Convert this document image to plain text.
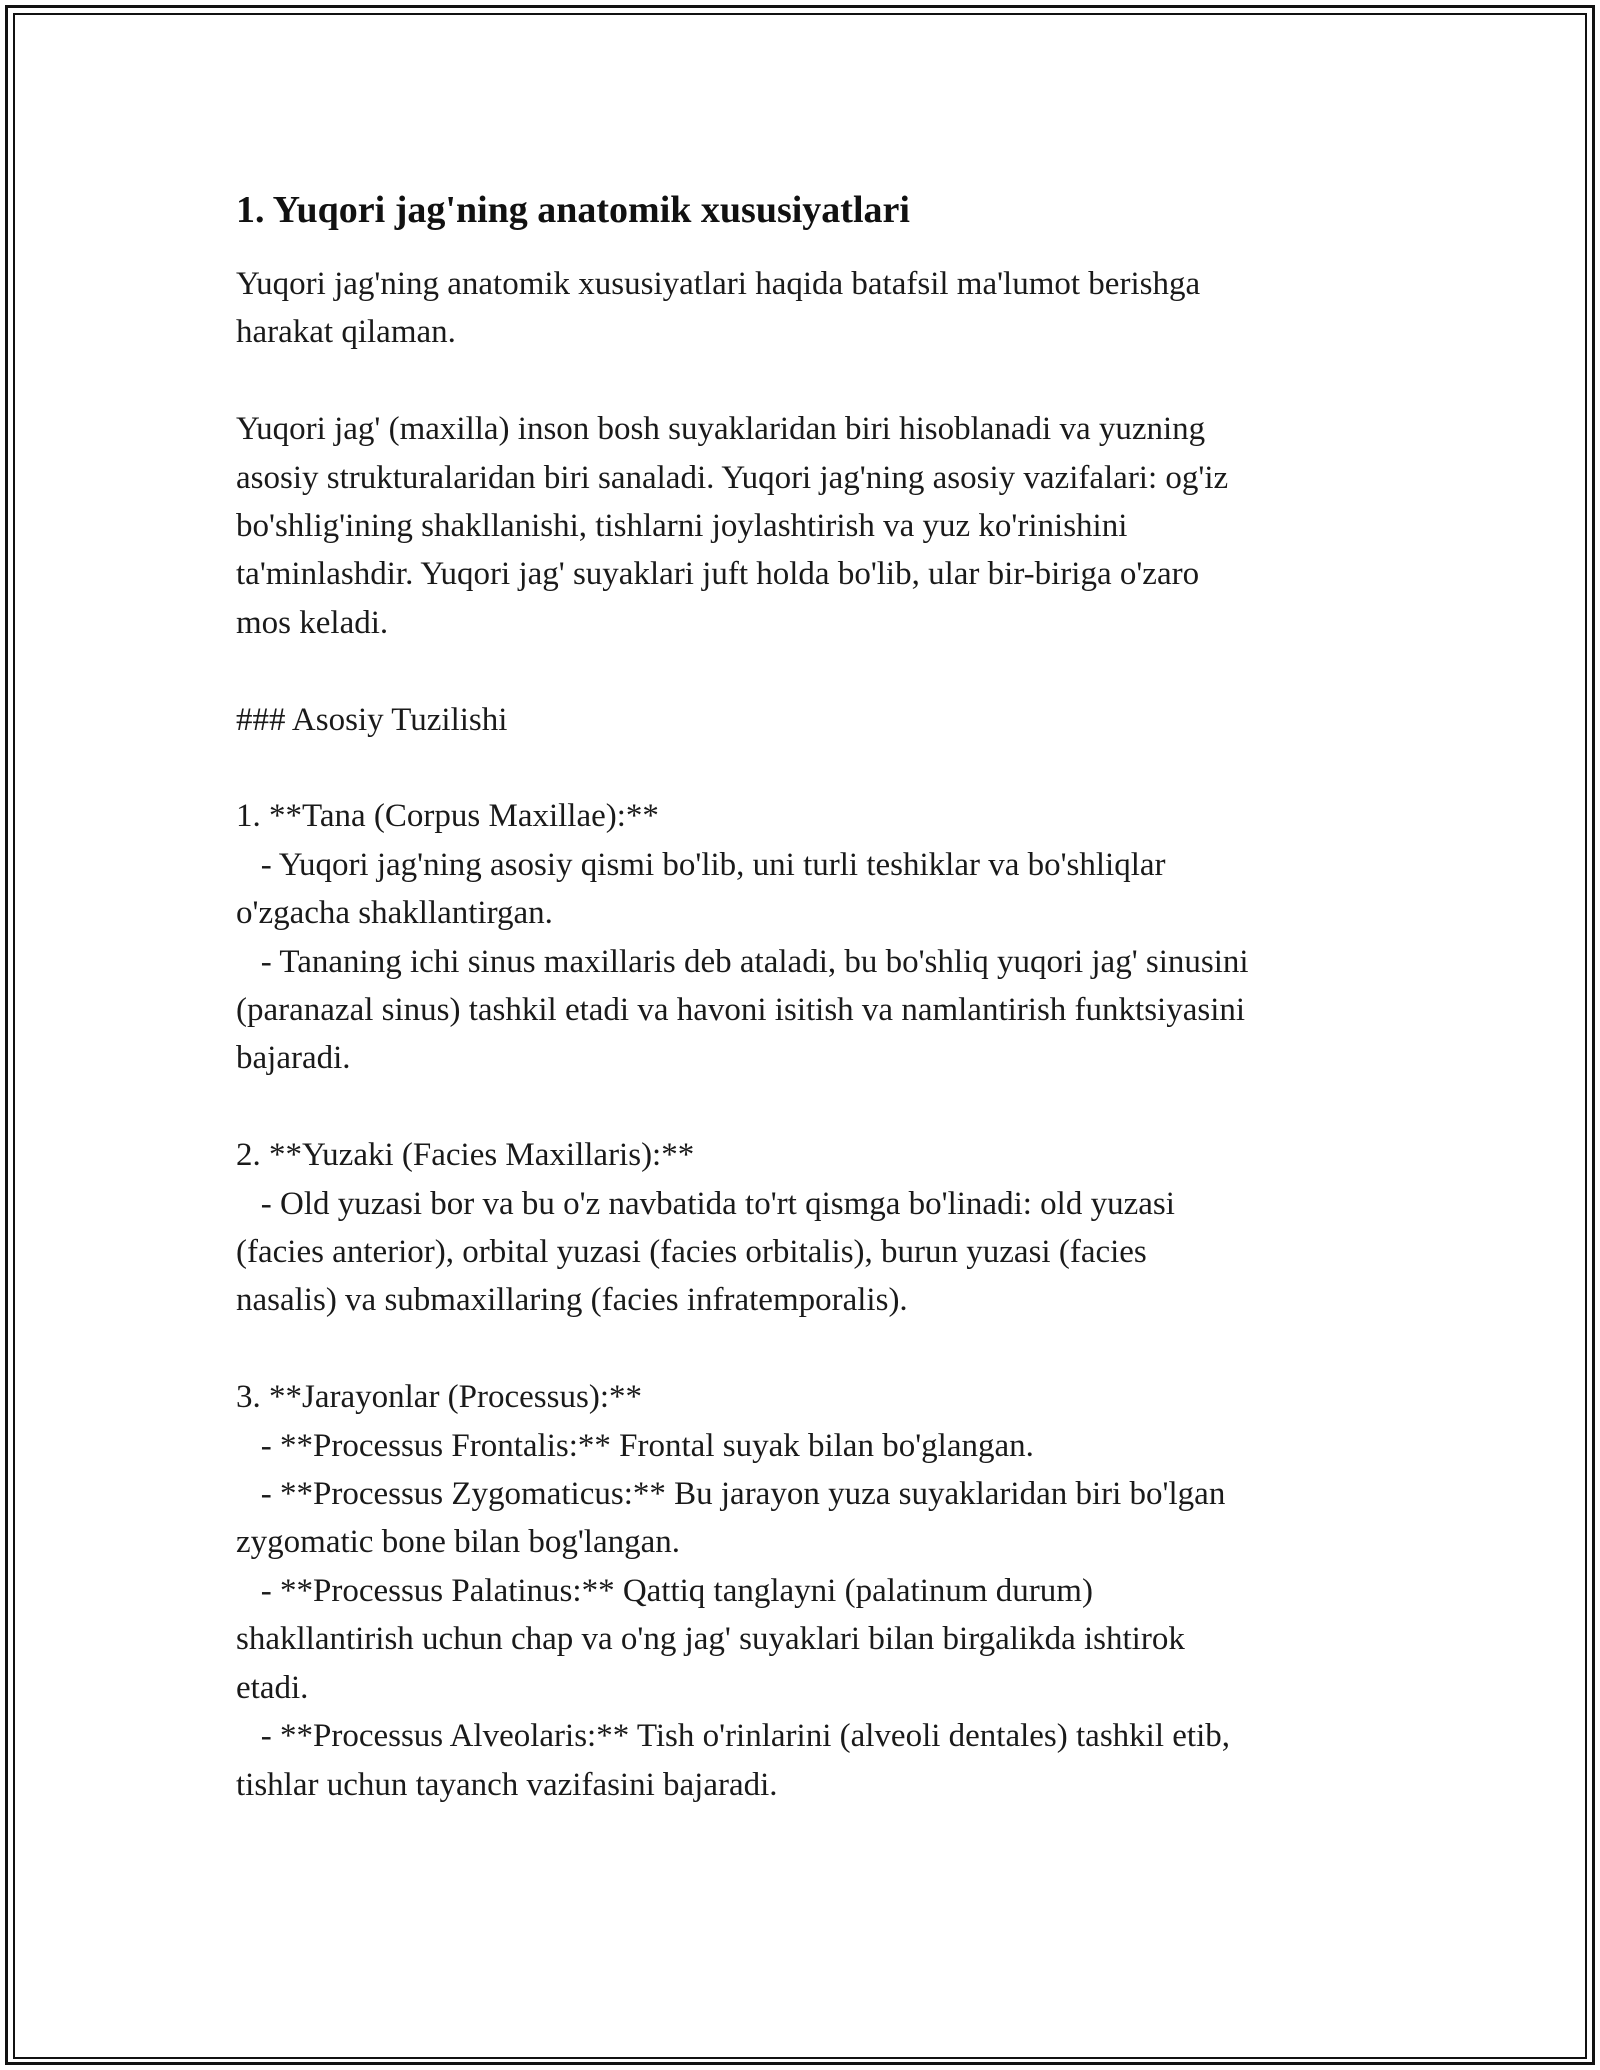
1. Yuqori jag'ning anatomik xususiyatlari

Yuqori jag'ning anatomik xususiyatlari haqida batafsil ma'lumot berishga
harakat qilaman.

Yuqori jag' (maxilla) inson bosh suyaklaridan biri hisoblanadi va yuzning
asosiy strukturalaridan biri sanaladi. Yuqori jag'ning asosiy vazifalari: og'iz
bo'shlig'ining shakllanishi, tishlarni joylashtirish va yuz ko'rinishini
ta'minlashdir. Yuqori jag' suyaklari juft holda bo'lib, ular bir-biriga o'zaro
mos keladi.

### Asosiy Tuzilishi

1. **Tana (Corpus Maxillae):**
- Yuqori jag'ning asosiy qismi bo'lib, uni turli teshiklar va bo'shliqlar
o'zgacha shakllantirgan.
- Tananing ichi sinus maxillaris deb ataladi, bu bo'shliq yuqori jag' sinusini
(paranazal sinus) tashkil etadi va havoni isitish va namlantirish funktsiyasini
bajaradi.

2. **Yuzaki (Facies Maxillaris):**
- Old yuzasi bor va bu o'z navbatida to'rt qismga bo'linadi: old yuzasi
(facies anterior), orbital yuzasi (facies orbitalis), burun yuzasi (facies
nasalis) va submaxillaring (facies infratemporalis).

3. **Jarayonlar (Processus):**
- **Processus Frontalis:** Frontal suyak bilan bo'glangan.
- **Processus Zygomaticus:** Bu jarayon yuza suyaklaridan biri bo'lgan
zygomatic bone bilan bog'langan.
- **Processus Palatinus:** Qattiq tanglayni (palatinum durum)
shakllantirish uchun chap va o'ng jag' suyaklari bilan birgalikda ishtirok
etadi.
- **Processus Alveolaris:** Tish o'rinlarini (alveoli dentales) tashkil etib,
tishlar uchun tayanch vazifasini bajaradi.
